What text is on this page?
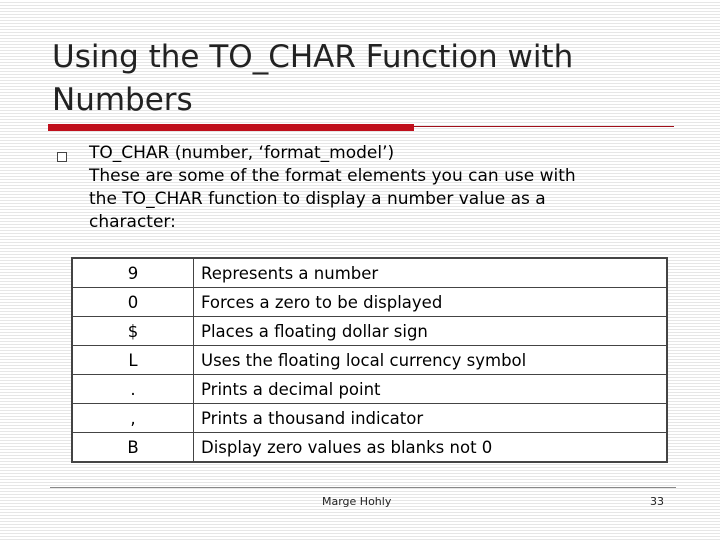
Using the TO_CHAR Function with Numbers
TO_CHAR (number, ‘format_model’)
These are some of the format elements you can use with
the TO_CHAR function to display a number value as a
character:
9	Represents a number
0	Forces a zero to be displayed
$	Places a floating dollar sign
L	Uses the floating local currency symbol
.	Prints a decimal point
,	Prints a thousand indicator
B	Display zero values as blanks not 0
Marge Hohly	33
